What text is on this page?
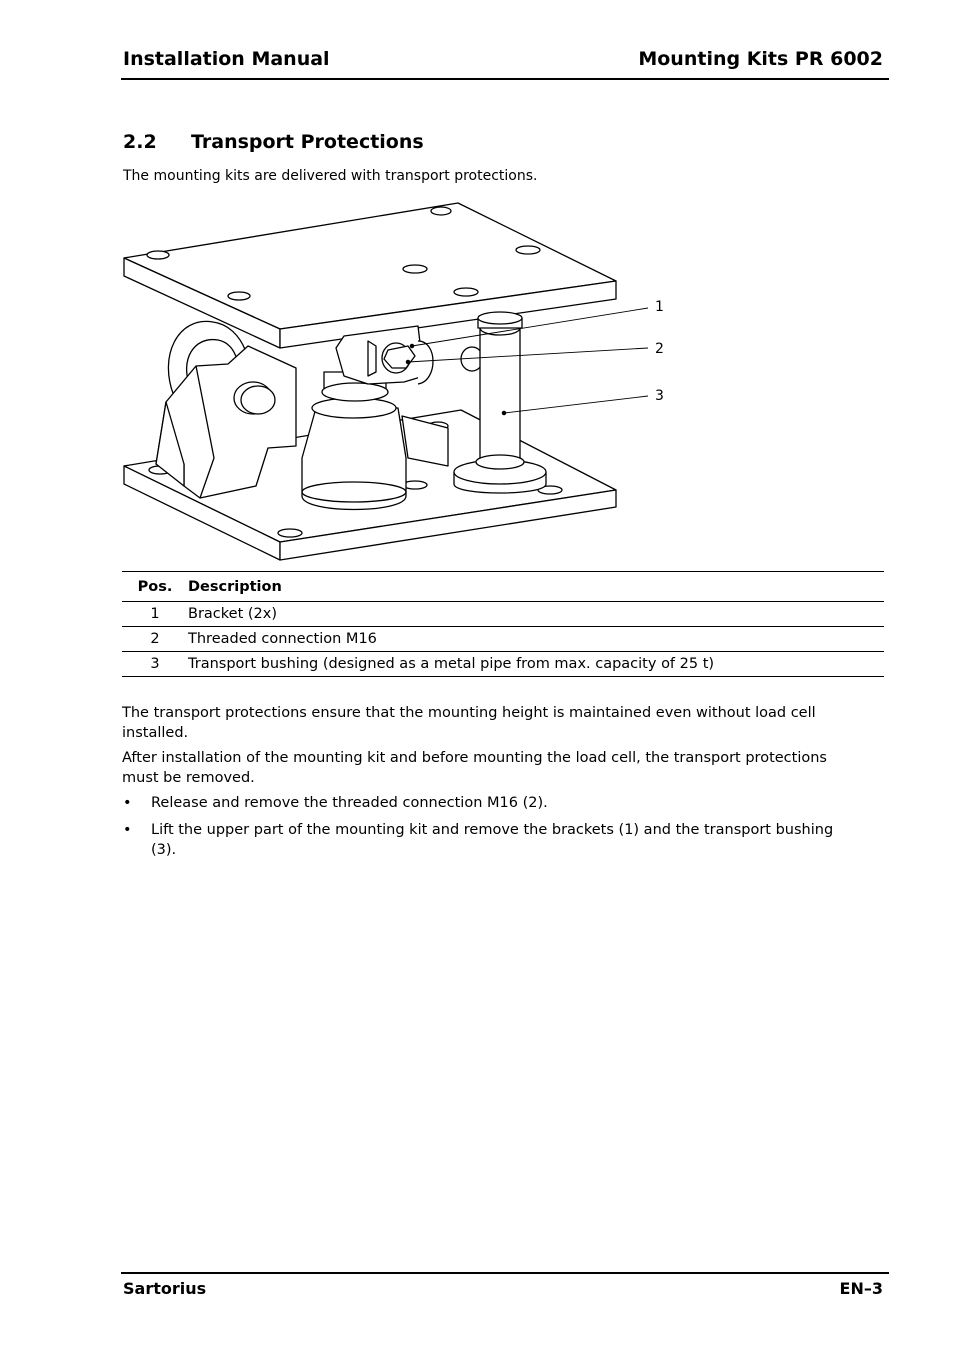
Installation Manual	Mounting Kits PR 6002
2.2 Transport Protections
The mounting kits are delivered with transport protections.
1
2
3
Pos.	Description
1	Bracket (2x)
2	Threaded connection M16
3	Transport bushing (designed as a metal pipe from max. capacity of 25 t)

The transport protections ensure that the mounting height is maintained even without load cell installed.

After installation of the mounting kit and before mounting the load cell, the transport protections must be removed.

• Release and remove the threaded connection M16 (2).
• Lift the upper part of the mounting kit and remove the brackets (1) and the transport bushing (3).
Sartorius	EN–3
